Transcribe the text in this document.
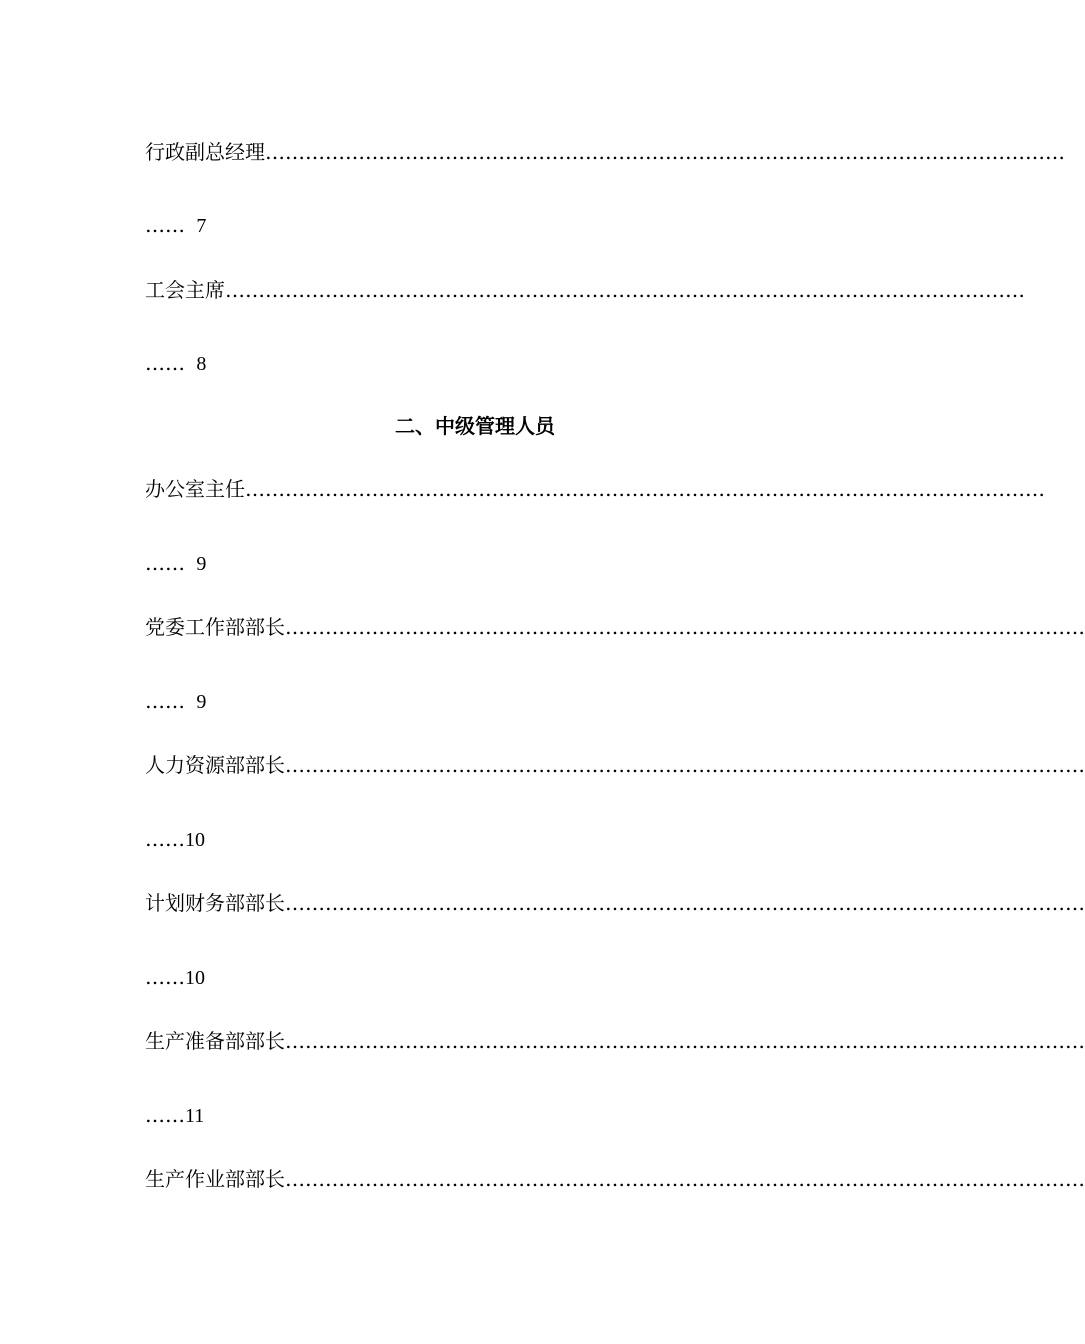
行政副总经理 …………………………………………………………………………………………………………
…… 7
工会主席 …………………………………………………………………………………………………………
…… 8
二、中级管理人员
办公室主任 …………………………………………………………………………………………………………
…… 9
党委工作部部长 …………………………………………………………………………………………………………
…… 9
人力资源部部长 …………………………………………………………………………………………………………
……10
计划财务部部长 …………………………………………………………………………………………………………
……10
生产准备部部长 …………………………………………………………………………………………………………
……11
生产作业部部长 …………………………………………………………………………………………………………
